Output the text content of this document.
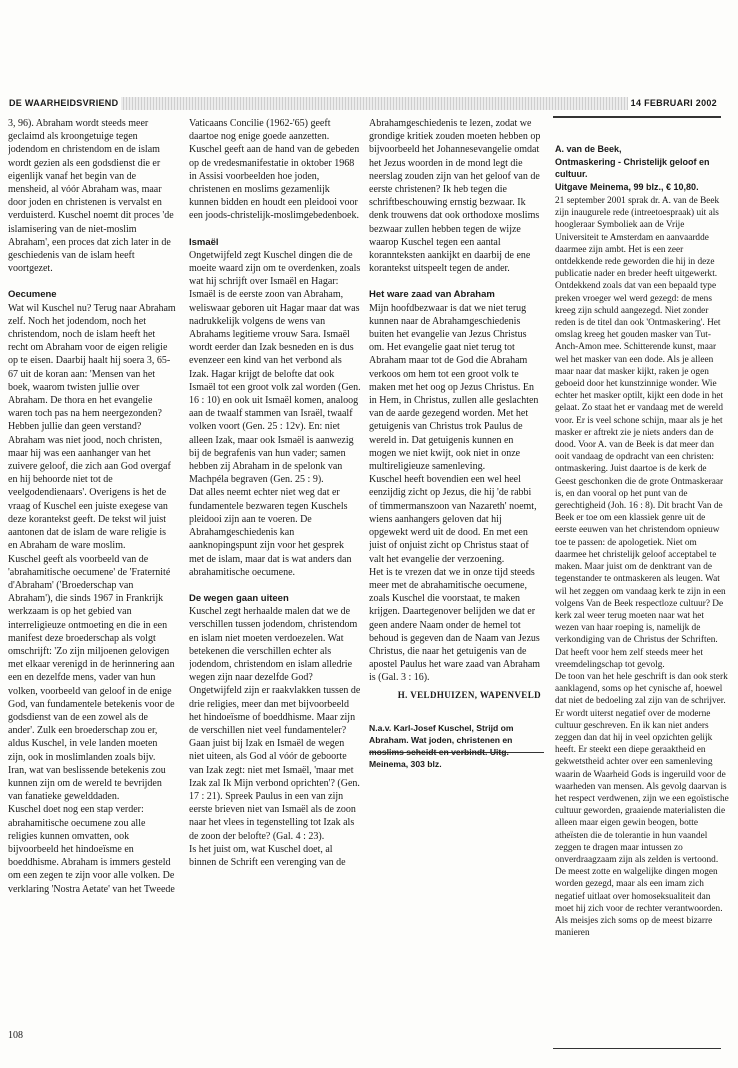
DE WAARHEIDSVRIEND	14 FEBRUARI 2002

3, 96). Abraham wordt steeds meer geclaimd als kroongetuige tegen jodendom en christendom en de islam wordt gezien als een godsdienst die er eigenlijk vanaf het begin van de mensheid, al vóór Abraham was, maar door joden en christenen is vervalst en verduisterd. Kuschel noemt dit proces 'de islamisering van de niet-moslim Abraham', een proces dat zich later in de geschiedenis van de islam heeft voortgezet.

Oecumene

Wat wil Kuschel nu? Terug naar Abraham zelf. Noch het jodendom, noch het christendom, noch de islam heeft het recht om Abraham voor de eigen religie op te eisen. Daarbij haalt hij soera 3, 65-67 uit de koran aan: 'Mensen van het boek, waarom twisten jullie over Abraham. De thora en het evangelie waren toch pas na hem neergezonden? Hebben jullie dan geen verstand? Abraham was niet jood, noch christen, maar hij was een aanhanger van het zuivere geloof, die zich aan God overgaf en hij behoorde niet tot de veelgodendienaars'. Overigens is het de vraag of Kuschel een juiste exegese van deze korantekst geeft. De tekst wil juist aantonen dat de islam de ware religie is en Abraham de ware moslim.

Kuschel geeft als voorbeeld van de 'abrahamitische oecumene' de 'Fraternité d'Abraham' ('Broederschap van Abraham'), die sinds 1967 in Frankrijk werkzaam is op het gebied van interreligieuze ontmoeting en die in een manifest deze broederschap als volgt omschrijft: 'Zo zijn miljoenen gelovigen met elkaar verenigd in de herinnering aan een en dezelfde mens, vader van hun volken, voorbeeld van geloof in de enige God, van fundamentele betekenis voor de godsdienst van de een zowel als de ander'. Zulk een broederschap zou er, aldus Kuschel, in vele landen moeten zijn, ook in moslimlanden zoals bijv. Iran, wat van beslissende betekenis zou kunnen zijn om de wereld te bevrijden van fanatieke gewelddaden.

Kuschel doet nog een stap verder: abrahamitische oecumene zou alle religies kunnen omvatten, ook bijvoorbeeld het hindoeïsme en boeddhisme. Abraham is immers gesteld om een zegen te zijn voor alle volken. De verklaring 'Nostra Aetate' van het Tweede

Vaticaans Concilie (1962-'65) geeft daartoe nog enige goede aanzetten. Kuschel geeft aan de hand van de gebeden op de vredesmanifestatie in oktober 1968 in Assisi voorbeelden hoe joden, christenen en moslims gezamenlijk kunnen bidden en houdt een pleidooi voor een joods-christelijk-moslimgebedenboek.

Ismaël

Ongetwijfeld zegt Kuschel dingen die de moeite waard zijn om te overdenken, zoals wat hij schrijft over Ismaël en Hagar: Ismaël is de eerste zoon van Abraham, weliswaar geboren uit Hagar maar dat was nadrukkelijk volgens de wens van Abrahams legitieme vrouw Sara. Ismaël wordt eerder dan Izak besneden en is dus evenzeer een kind van het verbond als Izak. Hagar krijgt de belofte dat ook Ismaël tot een groot volk zal worden (Gen. 16 : 10) en ook uit Ismaël komen, analoog aan de twaalf stammen van Israël, twaalf volken voort (Gen. 25 : 12v). En: niet alleen Izak, maar ook Ismaël is aanwezig bij de begrafenis van hun vader; samen hebben zij Abraham in de spelonk van Machpéla begraven (Gen. 25 : 9).

Dat alles neemt echter niet weg dat er fundamentele bezwaren tegen Kuschels pleidooi zijn aan te voeren. De Abrahamgeschiedenis kan aanknopingspunt zijn voor het gesprek met de islam, maar dat is wat anders dan abrahamitische oecumene.

De wegen gaan uiteen

Kuschel zegt herhaalde malen dat we de verschillen tussen jodendom, christendom en islam niet moeten verdoezelen. Wat betekenen die verschillen echter als jodendom, christendom en islam alledrie wegen zijn naar dezelfde God? Ongetwijfeld zijn er raakvlakken tussen de drie religies, meer dan met bijvoorbeeld het hindoeïsme of boeddhisme. Maar zijn de verschillen niet veel fundamenteler? Gaan juist bij Izak en Ismaël de wegen niet uiteen, als God al vóór de geboorte van Izak zegt: niet met Ismaël, 'maar met Izak zal Ik Mijn verbond oprichten'? (Gen. 17 : 21). Spreek Paulus in een van zijn eerste brieven niet van Ismaël als de zoon naar het vlees in tegenstelling tot Izak als de zoon der belofte? (Gal. 4 : 23).

Is het juist om, wat Kuschel doet, al binnen de Schrift een verenging van de

Abrahamgeschiedenis te lezen, zodat we grondige kritiek zouden moeten hebben op bijvoorbeeld het Johannesevangelie omdat het Jezus woorden in de mond legt die neerslag zouden zijn van het geloof van de eerste christenen? Ik heb tegen die schriftbeschouwing ernstig bezwaar. Ik denk trouwens dat ook orthodoxe moslims bezwaar zullen hebben tegen de wijze waarop Kuschel tegen een aantal korannteksten aankijkt en daarbij de ene korantekst uitspeelt tegen de ander.

Het ware zaad van Abraham

Mijn hoofdbezwaar is dat we niet terug kunnen naar de Abrahamgeschiedenis buiten het evangelie van Jezus Christus om. Het evangelie gaat niet terug tot Abraham maar tot de God die Abraham verkoos om hem tot een groot volk te maken met het oog op Jezus Christus. En in Hem, in Christus, zullen alle geslachten van de aarde gezegend worden. Met het getuigenis van Christus trok Paulus de wereld in. Dat getuigenis kunnen en mogen we niet kwijt, ook niet in onze multireligieuze samenleving.

Kuschel heeft bovendien een wel heel eenzijdig zicht op Jezus, die hij 'de rabbi of timmermanszoon van Nazareth' noemt, wiens aanhangers geloven dat hij opgewekt werd uit de dood. En met een juist of onjuist zicht op Christus staat of valt het evangelie der verzoening.

Het is te vrezen dat we in onze tijd steeds meer met de abrahamitische oecumene, zoals Kuschel die voorstaat, te maken krijgen. Daartegenover belijden we dat er geen andere Naam onder de hemel tot behoud is gegeven dan de Naam van Jezus Christus, die naar het getuigenis van de apostel Paulus het ware zaad van Abraham is (Gal. 3 : 16).

H. VELDHUIZEN, WAPENVELD

N.a.v. Karl-Josef Kuschel, Strijd om Abraham. Wat joden, christenen en Meinema, 303 blz.

A. van de Beek,
Ontmaskering - Christelijk geloof en cultuur.
Uitgave Meinema, 99 blz., € 10,80.

21 september 2001 sprak dr. A. van de Beek zijn inaugurele rede (intreetoespraak) uit als hoogleraar Symboliek aan de Vrije Universiteit te Amsterdam en aanvaardde daarmee zijn ambt. Het is een zeer ontdekkende rede geworden die hij in deze publicatie nader en breder heeft uitgewerkt. Ontdekkend zoals dat van een bepaald type preken vroeger wel werd gezegd: de mens kreeg zijn schuld aangezegd. Niet zonder reden is de titel dan ook 'Ontmaskering'. Het omslag kreeg het gouden masker van Tut-Anch-Amon mee. Schitterende kunst, maar wel het masker van een dode. Als je alleen maar naar dat masker kijkt, raken je ogen geboeid door het kunstzinnige wonder. Wie echter het masker optilt, kijkt een dode in het gelaat. Zo staat het er vandaag met de wereld voor. Er is veel schone schijn, maar als je het masker er aftrekt zie je niets anders dan de dood. Voor A. van de Beek is dat meer dan ooit vandaag de opdracht van een christen: ontmaskering. Juist daartoe is de kerk de Geest geschonken die de grote Ontmaskeraar is, en dan vooral op het punt van de gerechtigheid (Joh. 16 : 8). Dit bracht Van de Beek er toe om een klassiek genre uit de eerste eeuwen van het christendom opnieuw toe te passen: de apologetiek. Niet om daarmee het christelijk geloof acceptabel te maken. Maar juist om de denktrant van de tegenstander te ontmaskeren als leugen. Wat wil het zeggen om vandaag kerk te zijn in een volgens Van de Beek respectloze cultuur? De kerk zal weer terug moeten naar wat het wezen van haar roeping is, namelijk de verkondiging van de Christus der Schriften. Dat heeft voor hem zelf steeds meer het vreemdelingschap tot gevolg.

De toon van het hele geschrift is dan ook sterk aanklagend, soms op het cynische af, hoewel dat niet de bedoeling zal zijn van de schrijver. Er wordt uiterst negatief over de moderne cultuur geschreven. En ik kan niet anders zeggen dan dat hij in veel opzichten gelijk heeft. Er steekt een diepe geraaktheid en gekwetstheid achter over een samenleving waarin de Waarheid Gods is ingeruild voor de waarheden van mensen. Als gevolg daarvan is het respect verdwenen, zijn we een egoïstische cultuur geworden, graaiende materialisten die alleen maar eigen gewin beogen, botte atheïsten die de tolerantie in hun vaandel zeggen te dragen maar intussen zo onverdraagzaam zijn als zelden is vertoond. De meest zotte en walgelijke dingen mogen worden gezegd, maar als een imam zich negatief uitlaat over homoseksualiteit dan moet hij zich voor de rechter verantwoorden. Als meisjes zich soms op de meest bizarre manieren

108
